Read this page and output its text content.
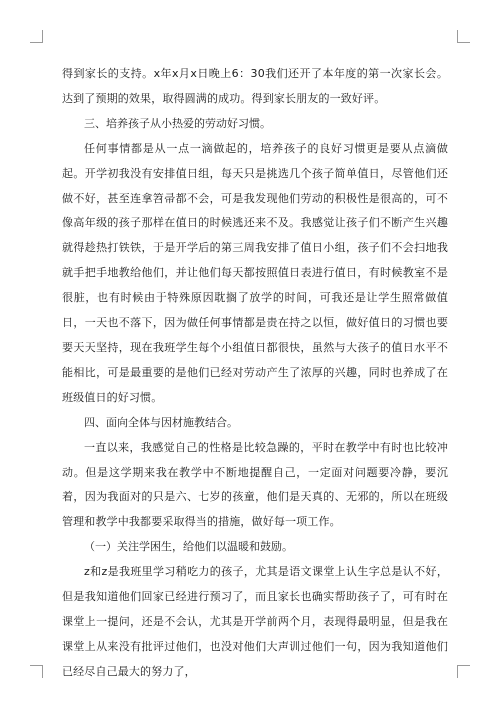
得到家长的支持。x年x月x日晚上6：30我们还开了本年度的第一次家长会。达到了预期的效果，取得圆满的成功。得到家长朋友的一致好评。

三、培养孩子从小热爱的劳动好习惯。

任何事情都是从一点一滴做起的，培养孩子的良好习惯更是要从点滴做起。开学初我没有安排值日组，每天只是挑选几个孩子简单值日，尽管他们还做不好，甚至连拿笤帚都不会，可是我发现他们劳动的积极性是很高的，可不像高年级的孩子那样在值日的时候逃还来不及。我感觉让孩子们不断产生兴趣就得趁热打铁铁，于是开学后的第三周我安排了值日小组，孩子们不会扫地我就手把手地教给他们，并让他们每天都按照值日表进行值日，有时候教室不是很脏，也有时候由于特殊原因耽搁了放学的时间，可我还是让学生照常做值日，一天也不落下，因为做任何事情都是贵在持之以恒，做好值日的习惯也要要天天坚持，现在我班学生每个小组值日都很快，虽然与大孩子的值日水平不能相比，可是最重要的是他们已经对劳动产生了浓厚的兴趣，同时也养成了在班级值日的好习惯。

四、面向全体与因材施教结合。

一直以来，我感觉自己的性格是比较急躁的，平时在教学中有时也比较冲动。但是这学期来我在教学中不断地提醒自己，一定面对问题要冷静，要沉着，因为我面对的只是六、七岁的孩童，他们是天真的、无邪的，所以在班级管理和教学中我都要采取得当的措施，做好每一项工作。

（一）关注学困生，给他们以温暖和鼓励。

z和z是我班里学习稍吃力的孩子，尤其是语文课堂上认生字总是认不好，但是我知道他们回家已经进行预习了，而且家长也确实帮助孩子了，可有时在课堂上一提问，还是不会认，尤其是开学前两个月，表现得最明显，但是我在课堂上从来没有批评过他们，也没对他们大声训过他们一句，因为我知道他们已经尽自己最大的努力了，
